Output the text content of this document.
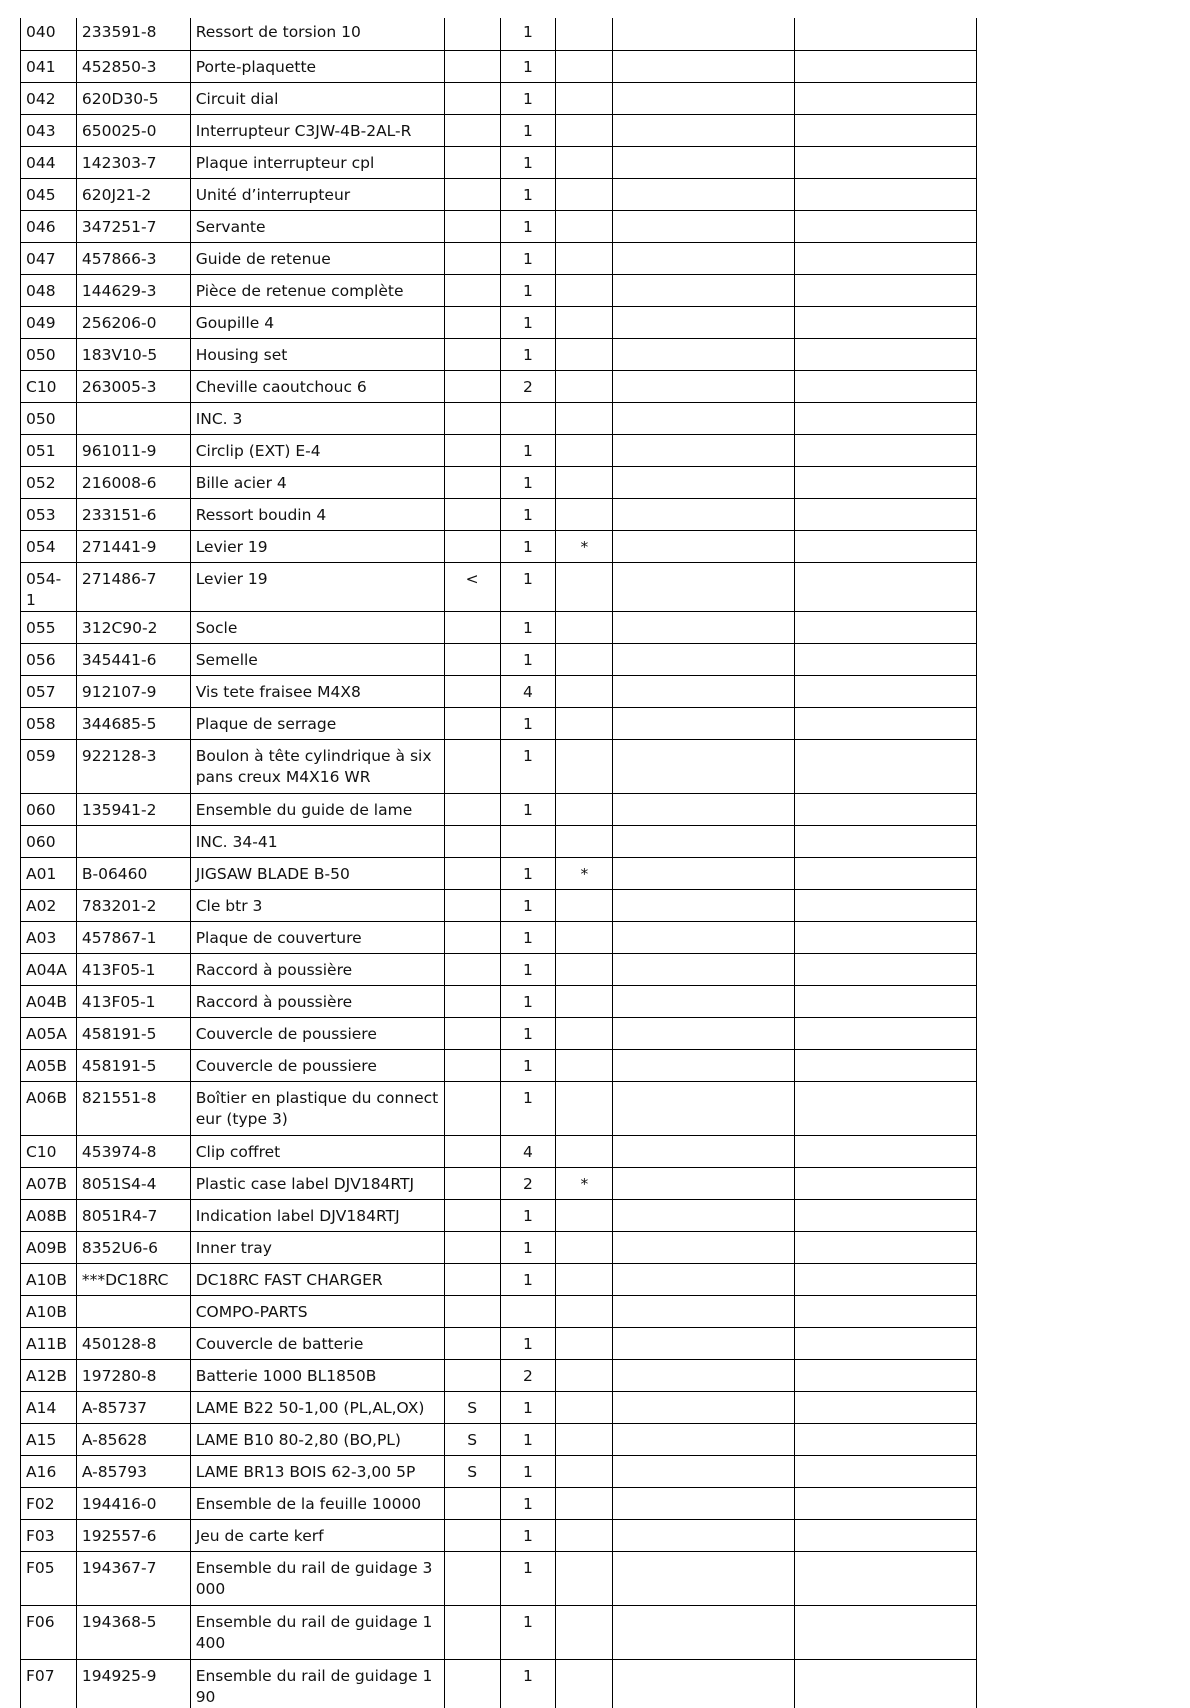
040	233591-8	Ressort de torsion 10		1			
041	452850-3	Porte-plaquette		1			
042	620D30-5	Circuit dial		1			
043	650025-0	Interrupteur C3JW-4B-2AL-R		1			
044	142303-7	Plaque interrupteur cpl		1			
045	620J21-2	Unité d’interrupteur		1			
046	347251-7	Servante		1			
047	457866-3	Guide de retenue		1			
048	144629-3	Pièce de retenue complète		1			
049	256206-0	Goupille 4		1			
050	183V10-5	Housing set		1			
C10	263005-3	Cheville caoutchouc 6		2			
050		INC. 3					
051	961011-9	Circlip (EXT) E-4		1			
052	216008-6	Bille acier 4		1			
053	233151-6	Ressort boudin 4		1			
054	271441-9	Levier 19		1	*		
054-1	271486-7	Levier 19	<	1			
055	312C90-2	Socle		1			
056	345441-6	Semelle		1			
057	912107-9	Vis tete fraisee M4X8		4			
058	344685-5	Plaque de serrage		1			
059	922128-3	Boulon à tête cylindrique à six pans creux M4X16 WR		1			
060	135941-2	Ensemble du guide de lame		1			
060		INC. 34-41					
A01	B-06460	JIGSAW BLADE B-50		1	*		
A02	783201-2	Cle btr 3		1			
A03	457867-1	Plaque de couverture		1			
A04A	413F05-1	Raccord à poussière		1			
A04B	413F05-1	Raccord à poussière		1			
A05A	458191-5	Couvercle de poussiere		1			
A05B	458191-5	Couvercle de poussiere		1			
A06B	821551-8	Boîtier en plastique du connecteur (type 3)		1			
C10	453974-8	Clip coffret		4			
A07B	8051S4-4	Plastic case label DJV184RTJ		2	*		
A08B	8051R4-7	Indication label DJV184RTJ		1			
A09B	8352U6-6	Inner tray		1			
A10B	***DC18RC	DC18RC FAST CHARGER		1			
A10B		COMPO-PARTS					
A11B	450128-8	Couvercle de batterie		1			
A12B	197280-8	Batterie 1000 BL1850B		2			
A14	A-85737	LAME B22 50-1,00 (PL,AL,OX)	S	1			
A15	A-85628	LAME B10 80-2,80 (BO,PL)	S	1			
A16	A-85793	LAME BR13 BOIS 62-3,00 5P	S	1			
F02	194416-0	Ensemble de la feuille 10000		1			
F03	192557-6	Jeu de carte kerf		1			
F05	194367-7	Ensemble du rail de guidage 3000		1			
F06	194368-5	Ensemble du rail de guidage 1400		1			
F07	194925-9	Ensemble du rail de guidage 190		1			
